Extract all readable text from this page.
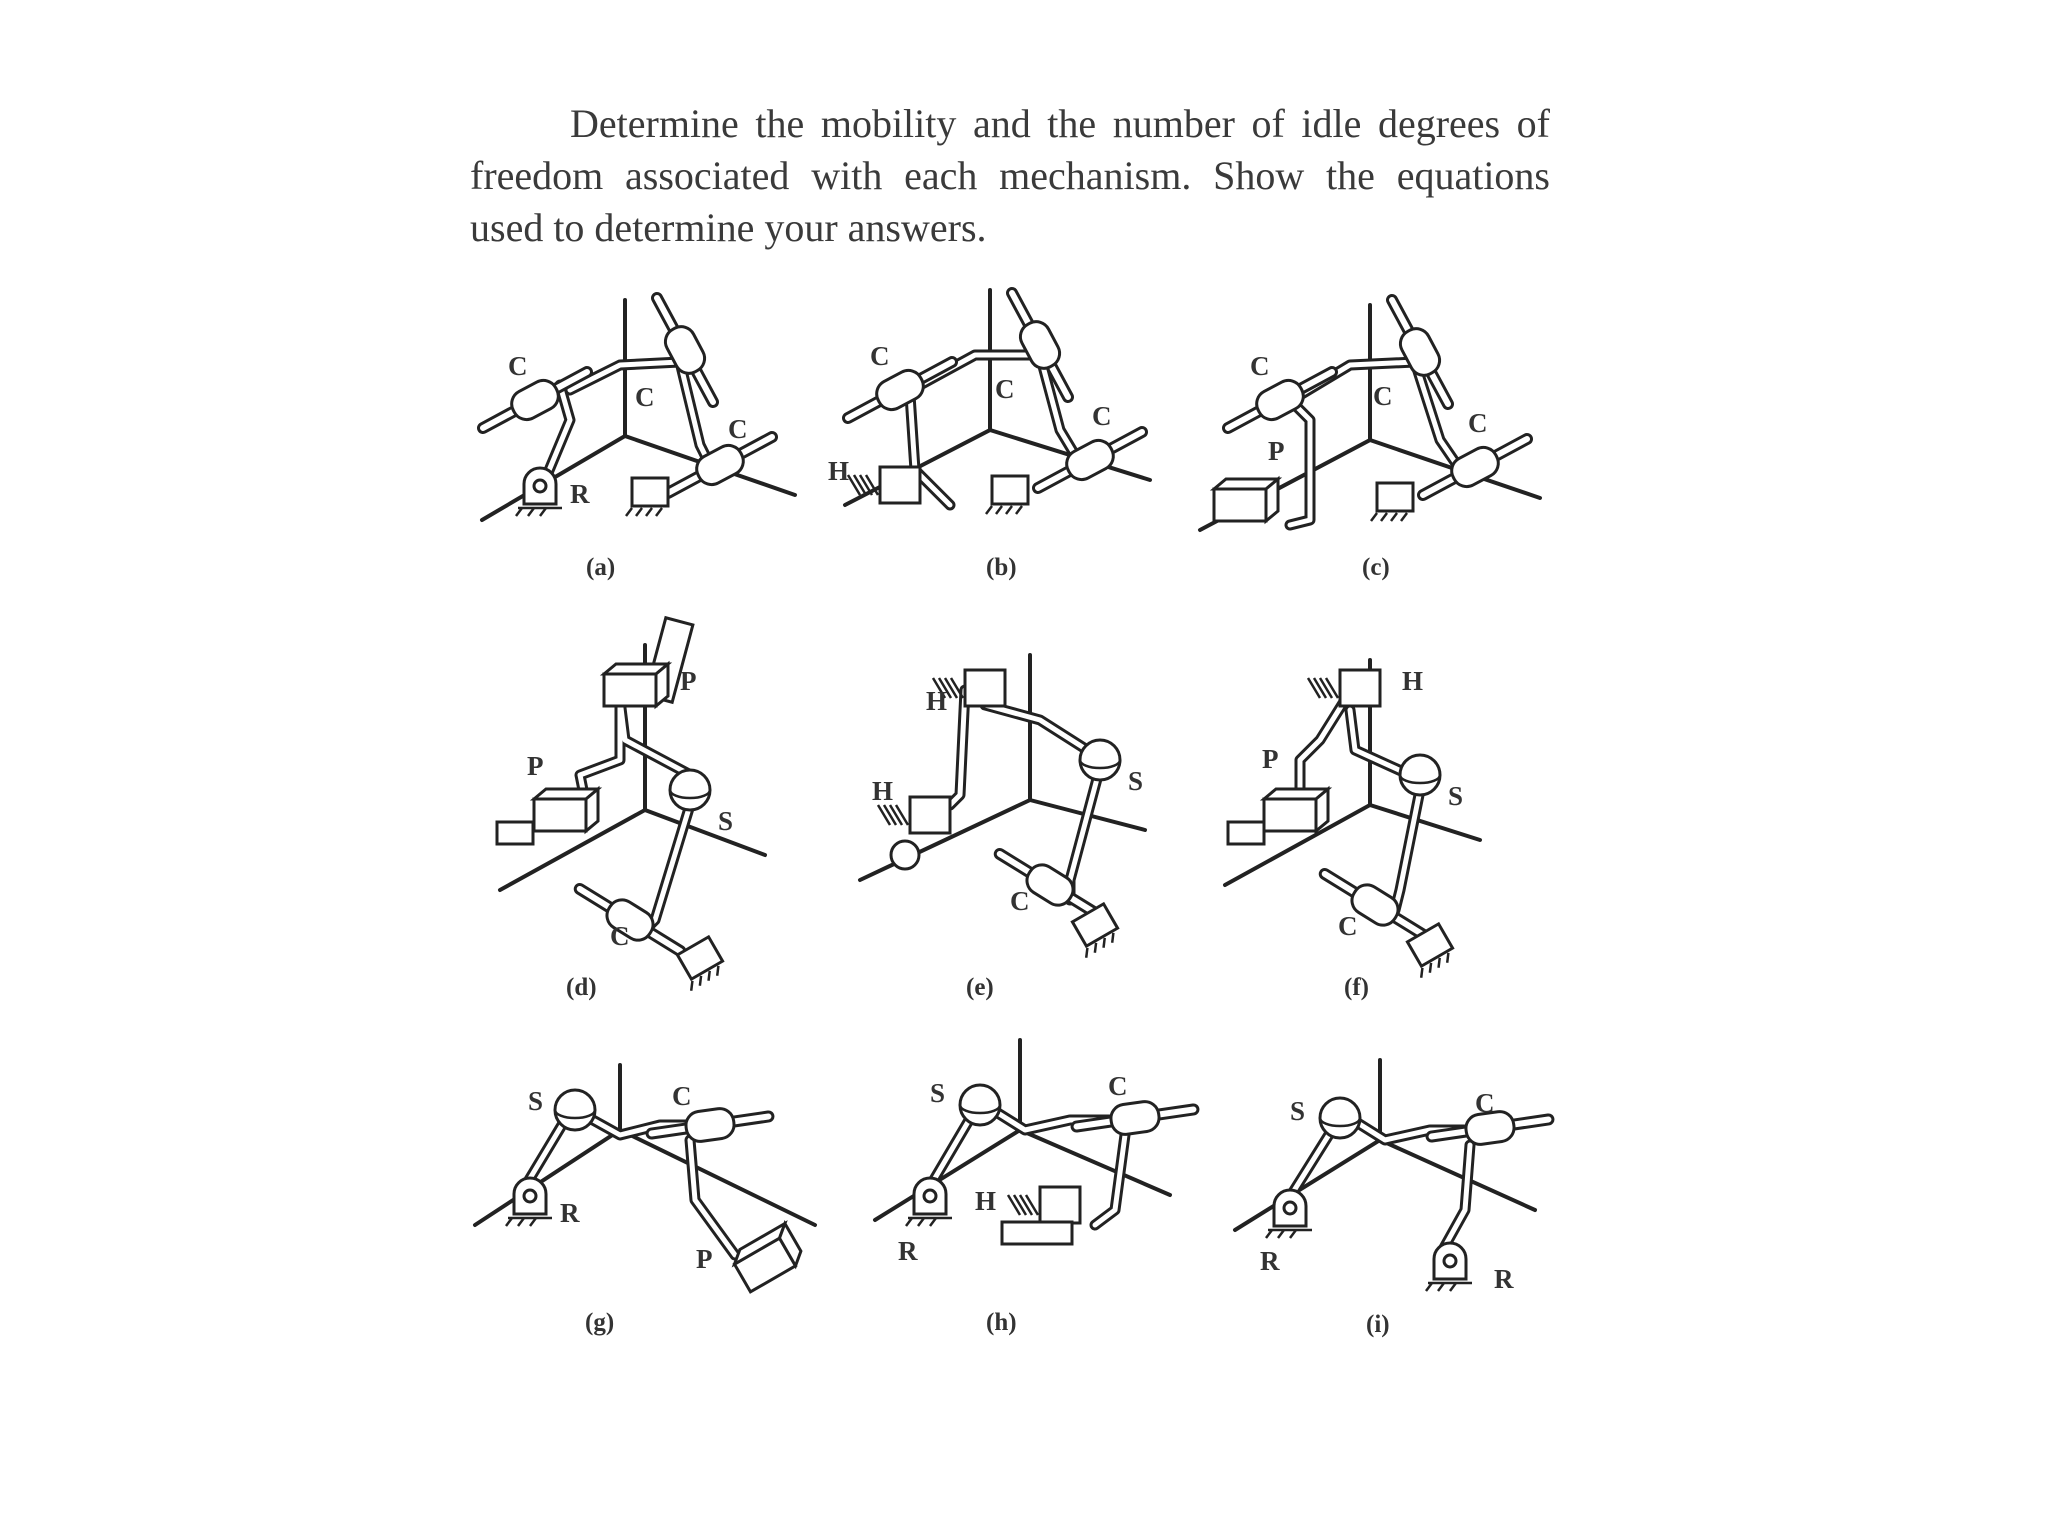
Determine the mobility and the number of idle degrees of freedom associated with each mechanism. Show the equations used to determine your answers.

C
C
C
R
(a)
C
C
C
H
(b)
C
C
C
P
(c)
P
P
S
C
(d)
H
H	S
C
(e)
H
P
S
C
(f)
S	C
R
P
(g)
S	C
H
R
(h)
S	C
R
R
(i)
